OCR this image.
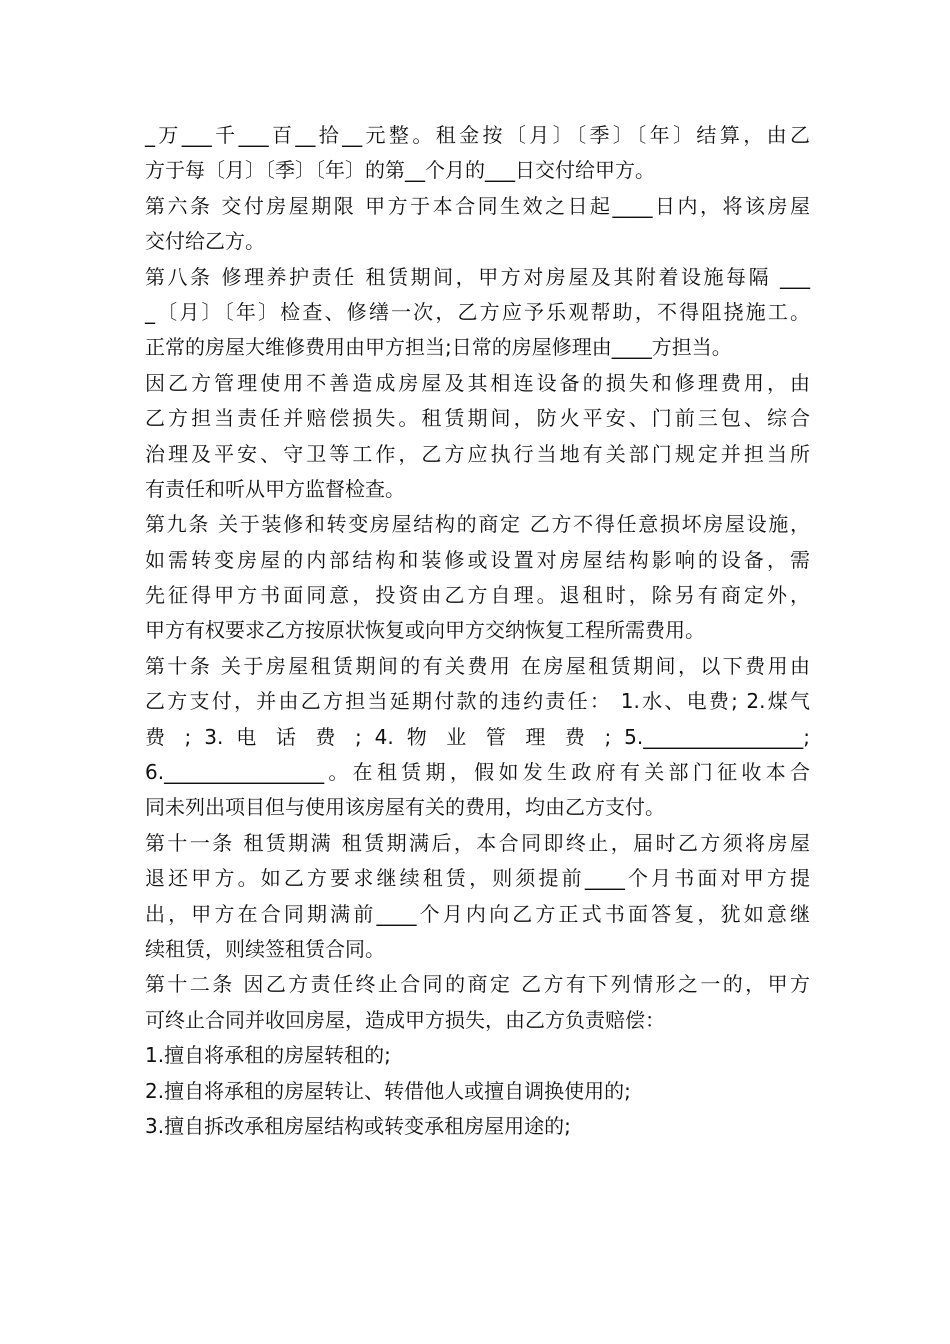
_万___千___百__拾__元整。租金按〔月〕〔季〕〔年〕结算，由乙
方于每〔月〕〔季〕〔年〕的第__个月的___日交付给甲方。
第六条 交付房屋期限 甲方于本合同生效之日起____日内，将该房屋
交付给乙方。
第八条 修理养护责任 租赁期间，甲方对房屋及其附着设施每隔 ___
_〔月〕〔年〕检查、修缮一次，乙方应予乐观帮助，不得阻挠施工。
正常的房屋大维修费用由甲方担当;日常的房屋修理由____方担当。
因乙方管理使用不善造成房屋及其相连设备的损失和修理费用，由
乙方担当责任并赔偿损失。租赁期间，防火平安、门前三包、综合
治理及平安、守卫等工作，乙方应执行当地有关部门规定并担当所
有责任和听从甲方监督检查。
第九条 关于装修和转变房屋结构的商定 乙方不得任意损坏房屋设施，
如需转变房屋的内部结构和装修或设置对房屋结构影响的设备，需
先征得甲方书面同意，投资由乙方自理。退租时，除另有商定外，
甲方有权要求乙方按原状恢复或向甲方交纳恢复工程所需费用。
第十条 关于房屋租赁期间的有关费用 在房屋租赁期间，以下费用由
乙方支付，并由乙方担当延期付款的违约责任： 1.水、电费; 2.煤气
费 ; 3. 电 话 费 ; 4. 物 业 管 理 费 ; 5.________________;
6.________________。在租赁期，假如发生政府有关部门征收本合
同未列出项目但与使用该房屋有关的费用，均由乙方支付。
第十一条 租赁期满 租赁期满后，本合同即终止，届时乙方须将房屋
退还甲方。如乙方要求继续租赁，则须提前____个月书面对甲方提
出，甲方在合同期满前____个月内向乙方正式书面答复，犹如意继
续租赁，则续签租赁合同。
第十二条 因乙方责任终止合同的商定 乙方有下列情形之一的，甲方
可终止合同并收回房屋，造成甲方损失，由乙方负责赔偿：
1.擅自将承租的房屋转租的;
2.擅自将承租的房屋转让、转借他人或擅自调换使用的;
3.擅自拆改承租房屋结构或转变承租房屋用途的;
